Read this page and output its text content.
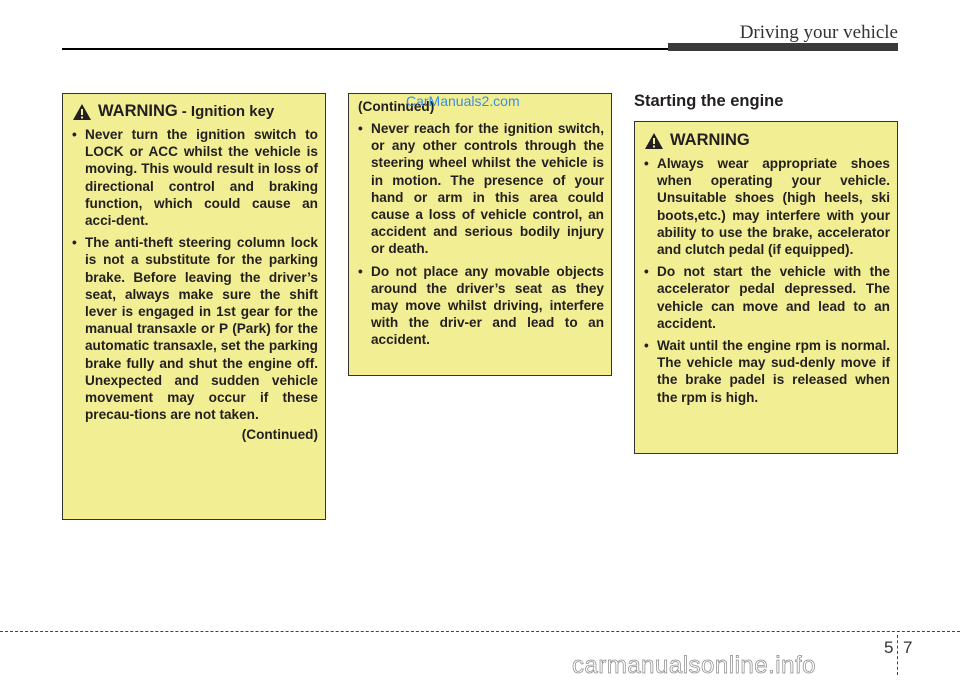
Driving your vehicle
WARNING - Ignition key
• Never turn the ignition switch to LOCK or ACC whilst the vehicle is moving. This would result in loss of directional control and braking function, which could cause an acci-dent.
• The anti-theft steering column lock is not a substitute for the parking brake. Before leaving the driver’s seat, always make sure the shift lever is engaged in 1st gear for the manual transaxle or P (Park) for the automatic transaxle, set the parking brake fully and shut the engine off. Unexpected and sudden vehicle movement may occur if these precau-tions are not taken.
(Continued)
(Continued)
• Never reach for the ignition switch, or any other controls through the steering wheel whilst the vehicle is in motion. The presence of your hand or arm in this area could cause a loss of vehicle control, an accident and serious bodily injury or death.
• Do not place any movable objects around the driver’s seat as they may move whilst driving, interfere with the driv-er and lead to an accident.
CarManuals2.com	Starting the engine
WARNING
• Always wear appropriate shoes when operating your vehicle. Unsuitable shoes (high heels, ski boots,etc.) may interfere with your ability to use the brake, accelerator and clutch pedal (if equipped).
• Do not start the vehicle with the accelerator pedal depressed. The vehicle can move and lead to an accident.
• Wait until the engine rpm is normal. The vehicle may sud-denly move if the brake padel is released when the rpm is high.
5 7
carmanualsonline.info
